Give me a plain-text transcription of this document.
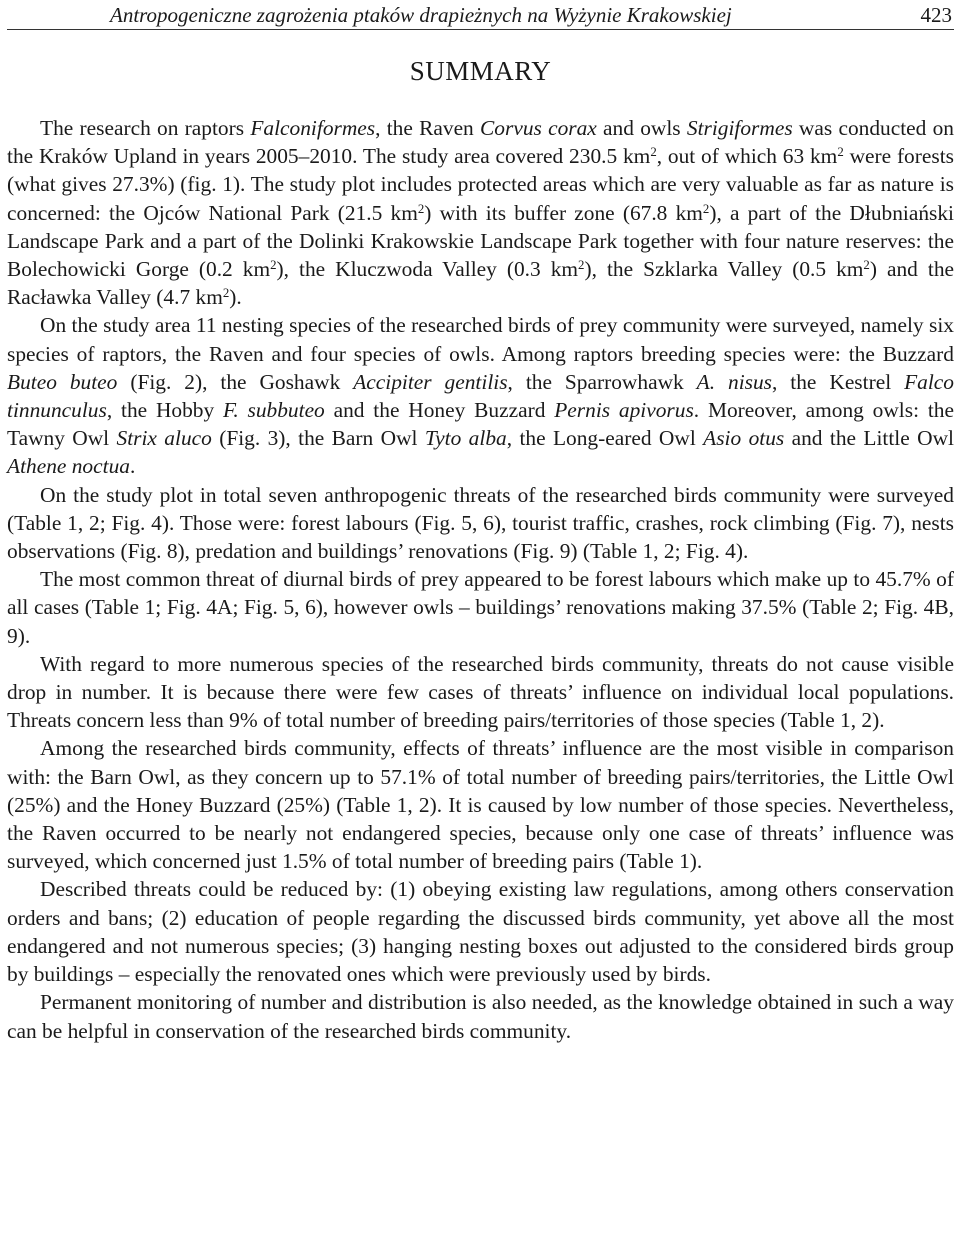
Antropogeniczne zagrożenia ptaków drapieżnych na Wyżynie Krakowskiej	423
SUMMARY

The research on raptors Falconiformes, the Raven Corvus corax and owls Strigiformes was conducted on the Kraków Upland in years 2005–2010. The study area covered 230.5 $km^2$, out of which 63 $km^2$ were forests (what gives 27.3%) (fig. 1). The study plot includes protected areas which are very valuable as far as nature is concerned: the Ojców National Park (21.5 $km^2$) with its buffer zone (67.8 $km^2$), a part of the Dłubniański Landscape Park and a part of the Dolinki Krakowskie Landscape Park together with four nature reserves: the Bolechowicki Gorge (0.2 $km^2$), the Kluczwoda Valley (0.3 $km^2$), the Szklarka Valley (0.5 $km^2$) and the Racławka Valley (4.7 $km^2$).

On the study area 11 nesting species of the researched birds of prey community were surveyed, namely six species of raptors, the Raven and four species of owls. Among raptors breeding species were: the Buzzard Buteo buteo (Fig. 2), the Goshawk Accipiter gentilis, the Sparrowhawk A. nisus, the Kestrel Falco tinnunculus, the Hobby F. subbuteo and the Honey Buzzard Pernis apivorus. Moreover, among owls: the Tawny Owl Strix aluco (Fig. 3), the Barn Owl Tyto alba, the Long-eared Owl Asio otus and the Little Owl Athene noctua.

On the study plot in total seven anthropogenic threats of the researched birds community were surveyed (Table 1, 2; Fig. 4). Those were: forest labours (Fig. 5, 6), tourist traffic, crashes, rock climbing (Fig. 7), nests observations (Fig. 8), predation and buildings’ renovations (Fig. 9) (Table 1, 2; Fig. 4).

The most common threat of diurnal birds of prey appeared to be forest labours which make up to 45.7% of all cases (Table 1; Fig. 4A; Fig. 5, 6), however owls – buildings’ renovations making 37.5% (Table 2; Fig. 4B, 9).

With regard to more numerous species of the researched birds community, threats do not cause visible drop in number. It is because there were few cases of threats’ influence on individual local populations. Threats concern less than 9% of total number of breeding pairs/territories of those species (Table 1, 2).

Among the researched birds community, effects of threats’ influence are the most visible in comparison with: the Barn Owl, as they concern up to 57.1% of total number of breeding pairs/territories, the Little Owl (25%) and the Honey Buzzard (25%) (Table 1, 2). It is caused by low number of those species. Nevertheless, the Raven occurred to be nearly not endangered species, because only one case of threats’ influence was surveyed, which concerned just 1.5% of total number of breeding pairs (Table 1).

Described threats could be reduced by: (1) obeying existing law regulations, among others conservation orders and bans; (2) education of people regarding the discussed birds community, yet above all the most endangered and not numerous species; (3) hanging nesting boxes out adjusted to the considered birds group by buildings – especially the renovated ones which were previously used by birds.

Permanent monitoring of number and distribution is also needed, as the knowledge obtained in such a way can be helpful in conservation of the researched birds community.
